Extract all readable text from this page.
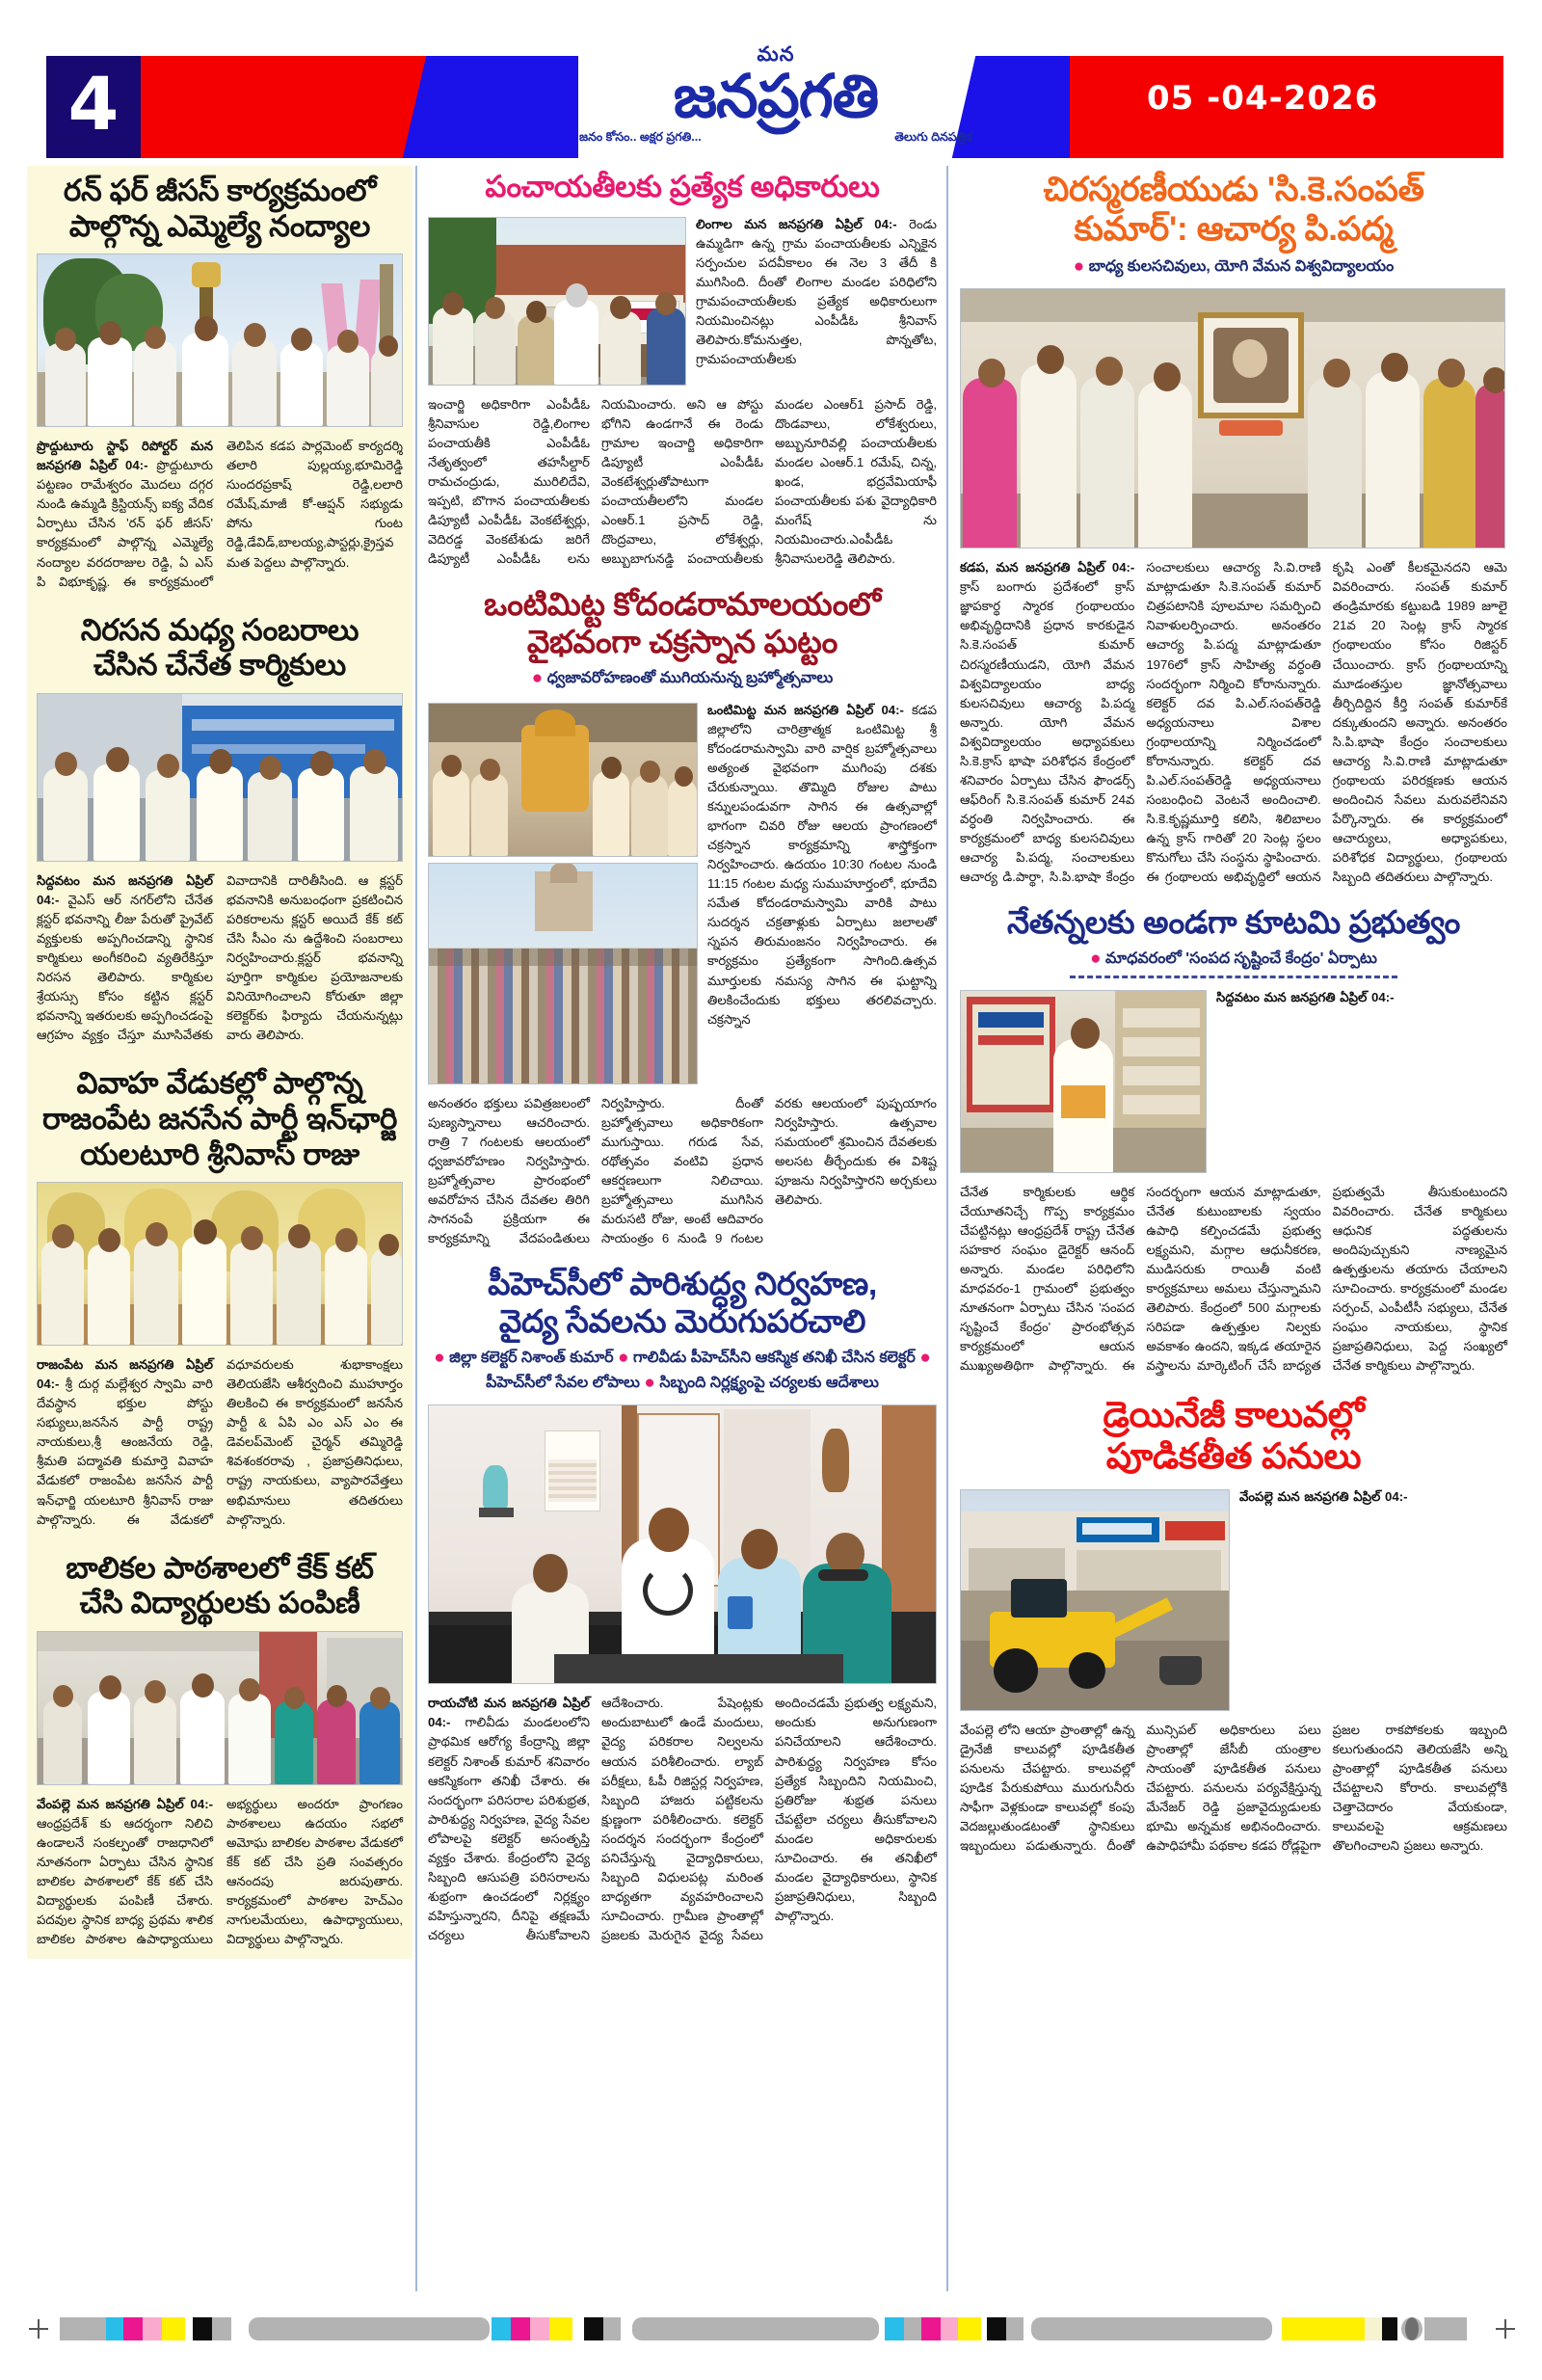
4
మన
జనప్రగతి
జనం కోసం.. అక్షర ప్రగతి...	తెలుగు దినపత్రిక
05 -04-2026
రన్ ఫర్ జీసస్ కార్యక్రమంలో
పాల్గొన్న ఎమ్మెల్యే నంద్యాల
ప్రొద్దుటూరు స్టాఫ్ రిపోర్టర్ మన జనప్రగతి ఏప్రిల్ 04:- ప్రొద్దుటూరు పట్టణం రామేశ్వరం మొదలు దగ్గర నుండి ఉమ్మడి క్రిస్టియన్స్ ఐక్య వేదిక ఏర్పాటు చేసిన 'రన్ ఫర్ జీసస్' కార్యక్రమంలో పాల్గొన్న ఎమ్మెల్యే నంద్యాల వరదరాజుల రెడ్డి, ఏ ఎస్ పి విభూకృష్ణ. ఈ కార్యక్రమంలో తెలిపిన కడప పార్లమెంట్ కార్యదర్శి తలారి పుల్లయ్య,భూమిరెడ్డి సుందరప్రకాష్ రెడ్డి,లలారి రమేష్,మాజీ కో-ఆప్షన్ సభ్యుడు పోను గుంట రెడ్డి,డేవిడ్,బాలయ్య,పాస్టర్లు,క్రైస్తవ మత పెద్దలు పాల్గొన్నారు.
నిరసన మధ్య సంబరాలు
చేసిన చేనేత కార్మికులు
సిద్దవటం మన జనప్రగతి ఏప్రిల్ 04:- వైఎస్ ఆర్ నగర్‌లోని చేనేత క్లస్టర్ భవనాన్ని లీజు పేరుతో ప్రైవేట్ వ్యక్తులకు అప్పగించడాన్ని స్థానిక కార్మికులు అంగీకరించి వ్యతిరేకిస్తూ నిరసన తెలిపారు. కార్మికుల శ్రేయస్సు కోసం కట్టిన క్లస్టర్ భవనాన్ని ఇతరులకు అప్పగించడంపై ఆగ్రహం వ్యక్తం చేస్తూ మూసివేతకు వివాదానికి దారితీసింది. ఆ క్లస్టర్ భవనానికి అనుబంధంగా ప్రకటించిన పరికరాలను క్లస్టర్ అయిదే కేక్ కట్ చేసి సీఎం ను ఉద్దేశించి సంబరాలు నిర్వహించారు.క్లస్టర్ భవనాన్ని పూర్తిగా కార్మికుల ప్రయోజనాలకు వినియోగించాలని కోరుతూ జిల్లా కలెక్టర్‌కు ఫిర్యాదు చేయనున్నట్లు వారు తెలిపారు.
వివాహ వేడుకల్లో పాల్గొన్న
రాజంపేట జనసేన పార్టీ ఇన్‌ఛార్జి
యలటూరి శ్రీనివాస్ రాజు
రాజంపేట మన జనప్రగతి ఏప్రిల్ 04:- శ్రీ దుర్గ మల్లేశ్వర స్వామి వారి దేవస్థాన భక్తుల పోస్టు సభ్యులు,జనసేన పార్టీ రాష్ట్ర నాయకులు,శ్రీ ఆంజనేయ రెడ్డి, శ్రీమతి పద్మావతి కుమార్తె వివాహ వేడుకలో రాజంపేట జనసేన పార్టీ ఇన్‌ఛార్జి యలటూరి శ్రీనివాస్ రాజు పాల్గొన్నారు. ఈ వేడుకలో వధూవరులకు శుభాకాంక్షలు తెలియజేసి ఆశీర్వదించి ముహూర్తం తిలకించి ఈ కార్యక్రమంలో జనసేన పార్టీ & ఏపి ఎం ఎస్ ఎం ఈ డెవలప్‌మెంట్ చైర్మన్ తమ్మిరెడ్డి శివశంకరరావు , ప్రజాప్రతినిధులు, రాష్ట్ర నాయకులు, వ్యాపారవేత్తలు అభిమానులు తదితరులు పాల్గొన్నారు.
బాలికల పాఠశాలలో కేక్ కట్
చేసి విద్యార్థులకు పంపిణీ
వేంపల్లె మన జనప్రగతి ఏప్రిల్ 04:- ఆంధ్రప్రదేశ్ కు ఆదర్శంగా నిలిచి ఉండాలనే సంకల్పంతో రాజధానిలో నూతనంగా ఏర్పాటు చేసిన స్థానిక బాలికల పాఠశాలలో కేక్ కట్ చేసి విద్యార్థులకు పంపిణీ చేశారు. పదవుల స్థానిక బాధ్య ప్రథమ శాలిక బాలికల పాఠశాల ఉపాధ్యాయులు అభ్యర్థులు అందరూ ప్రాంగణం పాఠశాలలు ఉదయం సభలో అమోఘ బాలికల పాఠశాల వేడుకలో కేక్ కట్ చేసి ప్రతి సంవత్సరం ఆనందపు జరుపుతారు. కార్యక్రమంలో పాఠశాల హెచ్ఎం నాగులమేయలు, ఉపాధ్యాయులు, విద్యార్థులు పాల్గొన్నారు.
పంచాయతీలకు ప్రత్యేక అధికారులు
లింగాల మన జనప్రగతి ఏప్రిల్ 04:- రెండు ఉమ్మడిగా ఉన్న గ్రామ పంచాయతీలకు ఎన్నికైన సర్పంచుల పదవీకాలం ఈ నెల 3 తేదీ కి ముగిసింది. దీంతో లింగాల మండల పరిధిలోని గ్రామపంచాయతీలకు ప్రత్యేక అధికారులుగా నియమించినట్లు ఎంపీడీఓ శ్రీనివాస్ తెలిపారు.కోమనుత్తల, పొన్నతోట, గ్రామపంచాయతీలకు
ఇంచార్జి అధికారిగా ఎంపీడీఓ శ్రీనివాసుల రెడ్డి,లింగాల పంచాయతీకి ఎంపీడీఓ నేతృత్వంలో తహసీల్దార్ రామచంద్రుడు, మురిలిదేవి, ఇప్పటి, బొగాన పంచాయతీలకు డిప్యూటీ ఎంపీడీఓ వెంకటేశ్వర్లు, వెదిరడ్డ వెంకటేశుడు జరిగే డిప్యూటీ ఎంపీడీఓ లను నియమించారు. అని ఆ పోస్టు భోగిని ఉండగానే ఈ రెండు గ్రామాల ఇంచార్జి అధికారిగా డిప్యూటీ ఎంపీడీఓ వెంకటేశ్వర్లుతోపాటుగా పంచాయతీలలోని మండల ఎంఆర్.1 ప్రసాద్ రెడ్డి, దొంద్రవాలు, లోకేశ్వర్లు, అబ్బుబాగునడ్డి పంచాయతీలకు మండల ఎంఆర్1 ప్రసాద్ రెడ్డి, దొండవాలు, లోకేశ్వరులు, అబ్బునూరివల్లి పంచాయతీలకు మండల ఎంఆర్.1 రమేష్, చిన్న, ఖండ, భద్రవేమియాఫీ పంచాయతీలకు పశు వైద్యాధికారి మంగేష్ ను నియమించారు.ఎంపీడీఓ శ్రీనివాసులరెడ్డి తెలిపారు.
ఒంటిమిట్ట కోదండరామాలయంలో
వైభవంగా చక్రస్నాన ఘట్టం
● ధ్వజావరోహణంతో ముగియనున్న బ్రహ్మోత్సవాలు
ఒంటిమిట్ట మన జనప్రగతి ఏప్రిల్ 04:- కడప జిల్లాలోని చారిత్రాత్మక ఒంటిమిట్ట శ్రీ కోదండరామస్వామి వారి వార్షిక బ్రహ్మోత్సవాలు అత్యంత వైభవంగా ముగింపు దశకు చేరుకున్నాయి. తొమ్మిది రోజుల పాటు కన్నులపండువగా సాగిన ఈ ఉత్సవాల్లో భాగంగా చివరి రోజు ఆలయ ప్రాంగణంలో చక్రస్నాన కార్యక్రమాన్ని శాస్త్రోక్తంగా నిర్వహించారు. ఉదయం 10:30 గంటల నుండి 11:15 గంటల మధ్య సుముహూర్తంలో, భూదేవి సమేత కోదండరామస్వామి వారికి పాటు సుదర్శన చక్రతాళ్లుకు ఏర్పాటు జలాలతో స్నపన తిరుమంజనం నిర్వహించారు. ఈ కార్యక్రమం ప్రత్యేకంగా సాగింది.ఉత్సవ మూర్తులకు నమస్య సాగిన ఈ ఘట్టాన్ని తిలకించేందుకు భక్తులు తరలివచ్చారు. చక్రస్నాన
అనంతరం భక్తులు పవిత్రజలంలో పుణ్యస్నానాలు ఆచరించారు. రాత్రి 7 గంటలకు ఆలయంలో ధ్వజావరోహణం నిర్వహిస్తారు. బ్రహ్మోత్సవాల ప్రారంభంలో అవరోహన చేసిన దేవతల తిరిగి సాగనంపే ప్రక్రియగా ఈ కార్యక్రమాన్ని వేదపండితులు నిర్వహిస్తారు. దీంతో బ్రహ్మోత్సవాలు అధికారికంగా ముగుస్తాయి. గరుడ సేవ, రథోత్సవం వంటివి ప్రధాన ఆకర్షణలుగా నిలిచాయి. బ్రహ్మోత్సవాలు ముగిసిన మరుసటి రోజు, అంటే ఆదివారం సాయంత్రం 6 నుండి 9 గంటల వరకు ఆలయంలో పుష్పయాగం నిర్వహిస్తారు. ఉత్సవాల సమయంలో శ్రమించిన దేవతలకు అలసట తీర్చేందుకు ఈ విశిష్ట పూజను నిర్వహిస్తారని అర్చకులు తెలిపారు.
పీహెచ్‌సీలో పారిశుద్ధ్య నిర్వహణ,
వైద్య సేవలను మెరుగుపరచాలి
● జిల్లా కలెక్టర్ నిశాంత్ కుమార్ ● గాలివీడు పీహెచ్‌సీని ఆకస్మిక తనిఖీ చేసిన కలెక్టర్ ● పీహెచ్‌సీలో సేవల లోపాలు ● సిబ్బంది నిర్లక్ష్యంపై చర్యలకు ఆదేశాలు
రాయచోటి మన జనప్రగతి ఏప్రిల్ 04:- గాలివీడు మండలంలోని ప్రాథమిక ఆరోగ్య కేంద్రాన్ని జిల్లా కలెక్టర్ నిశాంత్ కుమార్ శనివారం ఆకస్మికంగా తనిఖీ చేశారు. ఈ సందర్భంగా పరిసరాల పరిశుభ్రత, పారిశుద్ధ్య నిర్వహణ, వైద్య సేవల లోపాలపై కలెక్టర్ అసంతృప్తి వ్యక్తం చేశారు. కేంద్రంలోని వైద్య సిబ్బంది ఆసుపత్రి పరిసరాలను శుభ్రంగా ఉంచడంలో నిర్లక్ష్యం వహిస్తున్నారని, దీనిపై తక్షణమే చర్యలు తీసుకోవాలని ఆదేశించారు. పేషెంట్లకు అందుబాటులో ఉండే మందులు, వైద్య పరికరాల నిల్వలను ఆయన పరిశీలించారు. ల్యాబ్ పరీక్షలు, ఓపీ రిజిస్టర్ల నిర్వహణ, సిబ్బంది హాజరు పట్టికలను క్షుణ్ణంగా పరిశీలించారు. కలెక్టర్ సందర్శన సందర్భంగా కేంద్రంలో పనిచేస్తున్న వైద్యాధికారులు, సిబ్బంది విధులపట్ల మరింత బాధ్యతగా వ్యవహరించాలని సూచించారు. గ్రామీణ ప్రాంతాల్లో ప్రజలకు మెరుగైన వైద్య సేవలు అందించడమే ప్రభుత్వ లక్ష్యమని, అందుకు అనుగుణంగా పనిచేయాలని ఆదేశించారు. పారిశుద్ధ్య నిర్వహణ కోసం ప్రత్యేక సిబ్బందిని నియమించి, ప్రతిరోజు శుభ్రత పనులు చేపట్టేలా చర్యలు తీసుకోవాలని మండల అధికారులకు సూచించారు. ఈ తనిఖీలో మండల వైద్యాధికారులు, స్థానిక ప్రజాప్రతినిధులు, సిబ్బంది పాల్గొన్నారు.
చిరస్మరణీయుడు 'సి.కె.సంపత్
కుమార్': ఆచార్య పి.పద్మ
● బాధ్య కులసచివులు, యోగి వేమన విశ్వవిద్యాలయం
కడప, మన జనప్రగతి ఏప్రిల్ 04:- క్రాస్ బంగారు ప్రదేశంలో క్రాస్ జ్ఞాపకార్థ స్మారక గ్రంథాలయం అభివృద్ధిదానికి ప్రధాన కారకుడైన సి.కె.సంపత్ కుమార్ చిరస్మరణీయుడని, యోగి వేమన విశ్వవిద్యాలయం బాధ్య కులసచివులు ఆచార్య పి.పద్మ అన్నారు. యోగి వేమన విశ్వవిద్యాలయం అధ్యాపకులు సి.కె.క్రాస్ భాషా పరిశోధన కేంద్రంలో శనివారం ఏర్పాటు చేసిన ఫౌండర్స్ ఆఫ్‌రింగ్ సి.కె.సంపత్ కుమార్ 24వ వర్ధంతి నిర్వహించారు. ఈ కార్యక్రమంలో బాధ్య కులసచివులు ఆచార్య పి.పద్మ, సంచాలకులు ఆచార్య డి.పార్థా, సి.పి.భాషా కేంద్రం సంచాలకులు ఆచార్య సి.వి.రాణి మాట్లాడుతూ సి.కె.సంపత్ కుమార్ చిత్రపటానికి పూలమాల సమర్పించి నివాళులర్పించారు. అనంతరం ఆచార్య పి.పద్మ మాట్లాడుతూ 1976లో క్రాస్ సాహిత్య వర్ధంతి సందర్భంగా నిర్మించి కోరానున్నారు. కలెక్టర్ దవ పి.ఎల్.సంపత్‌రెడ్డి అధ్యయనాలు విశాల గ్రంథాలయాన్ని నిర్మించడంలో కోరానున్నారు. కలెక్టర్ దవ పి.ఎల్.సంపత్‌రెడ్డి అధ్యయనాలు సంబంధించి వెంటనే అందించాలి. సి.కె.కృష్ణమూర్తి కలిసి, శిలిబాలం ఉన్న క్రాస్ గారితో 20 సెంట్ల స్థలం కొనుగోలు చేసి సంస్థను స్థాపించారు. ఈ గ్రంథాలయ అభివృద్ధిలో ఆయన కృషి ఎంతో కీలకమైనదని ఆమె వివరించారు. సంపత్ కుమార్ తండ్రిమారకు కట్టుబడి 1989 జూలై 21వ 20 సెంట్ల క్రాస్ స్మారక గ్రంథాలయం కోసం రిజిస్టర్ చేయించారు. క్రాస్ గ్రంథాలయాన్ని మూడంతస్తుల జ్ఞానోత్సవాలు తీర్చిదిద్దిన కీర్తి సంపత్ కుమార్‌కే దక్కుతుందని అన్నారు. అనంతరం సి.పి.భాషా కేంద్రం సంచాలకులు ఆచార్య సి.వి.రాణి మాట్లాడుతూ గ్రంథాలయ పరిరక్షణకు ఆయన అందించిన సేవలు మరువలేనివని పేర్కొన్నారు. ఈ కార్యక్రమంలో ఆచార్యులు, అధ్యాపకులు, పరిశోధక విద్యార్థులు, గ్రంథాలయ సిబ్బంది తదితరులు పాల్గొన్నారు.
నేతన్నలకు అండగా కూటమి ప్రభుత్వం
● మాధవరంలో 'సంపద సృష్టించే కేంద్రం' ఏర్పాటు
సిద్దవటం మన జనప్రగతి ఏప్రిల్ 04:-
చేనేత కార్మికులకు ఆర్థిక చేయూతనిచ్చే గొప్ప కార్యక్రమం చేపట్టినట్లు ఆంధ్రప్రదేశ్ రాష్ట్ర చేనేత సహకార సంఘం డైరెక్టర్ ఆనంద్ అన్నారు. మండల పరిధిలోని మాధవరం-1 గ్రామంలో ప్రభుత్వం నూతనంగా ఏర్పాటు చేసిన 'సంపద సృష్టించే కేంద్రం' ప్రారంభోత్సవ కార్యక్రమంలో ఆయన ముఖ్యఅతిథిగా పాల్గొన్నారు. ఈ సందర్భంగా ఆయన మాట్లాడుతూ, చేనేత కుటుంబాలకు స్వయం ఉపాధి కల్పించడమే ప్రభుత్వ లక్ష్యమని, మగ్గాల ఆధునీకరణ, ముడిసరుకు రాయితీ వంటి కార్యక్రమాలు అమలు చేస్తున్నామని తెలిపారు. కేంద్రంలో 500 మగ్గాలకు సరిపడా ఉత్పత్తుల నిల్వకు అవకాశం ఉందని, ఇక్కడ తయారైన వస్త్రాలను మార్కెటింగ్ చేసే బాధ్యత ప్రభుత్వమే తీసుకుంటుందని వివరించారు. చేనేత కార్మికులు ఆధునిక పద్ధతులను అందిపుచ్చుకుని నాణ్యమైన ఉత్పత్తులను తయారు చేయాలని సూచించారు. కార్యక్రమంలో మండల సర్పంచ్, ఎంపీటీసీ సభ్యులు, చేనేత సంఘం నాయకులు, స్థానిక ప్రజాప్రతినిధులు, పెద్ద సంఖ్యలో చేనేత కార్మికులు పాల్గొన్నారు.
డ్రెయినేజీ కాలువల్లో
పూడికతీత పనులు
వేంపల్లె మన జనప్రగతి ఏప్రిల్ 04:-
వేంపల్లె లోని ఆయా ప్రాంతాల్లో ఉన్న డ్రైనేజీ కాలువల్లో పూడికతీత పనులను చేపట్టారు. కాలువల్లో పూడిక పేరుకుపోయి మురుగునీరు సాఫీగా వెళ్లకుండా కాలువల్లో కంపు వెదజల్లుతుండటంతో స్థానికులు ఇబ్బందులు పడుతున్నారు. దీంతో మున్సిపల్ అధికారులు పలు ప్రాంతాల్లో జేసీబీ యంత్రాల సాయంతో పూడికతీత పనులు చేపట్టారు. పనులను పర్యవేక్షిస్తున్న మేనేజర్ రెడ్డి ప్రజావైద్యుడులకు భూమి అన్నమక అభినందించారు. ఉపాధిహామీ పథకాల కడప రోడ్లపైగా ప్రజల రాకపోకలకు ఇబ్బంది కలుగుతుందని తెలియజేసి అన్ని ప్రాంతాల్లో పూడికతీత పనులు చేపట్టాలని కోరారు. కాలువల్లోకి చెత్తాచెదారం వేయకుండా, కాలువలపై ఆక్రమణలు తొలగించాలని ప్రజలు అన్నారు.
